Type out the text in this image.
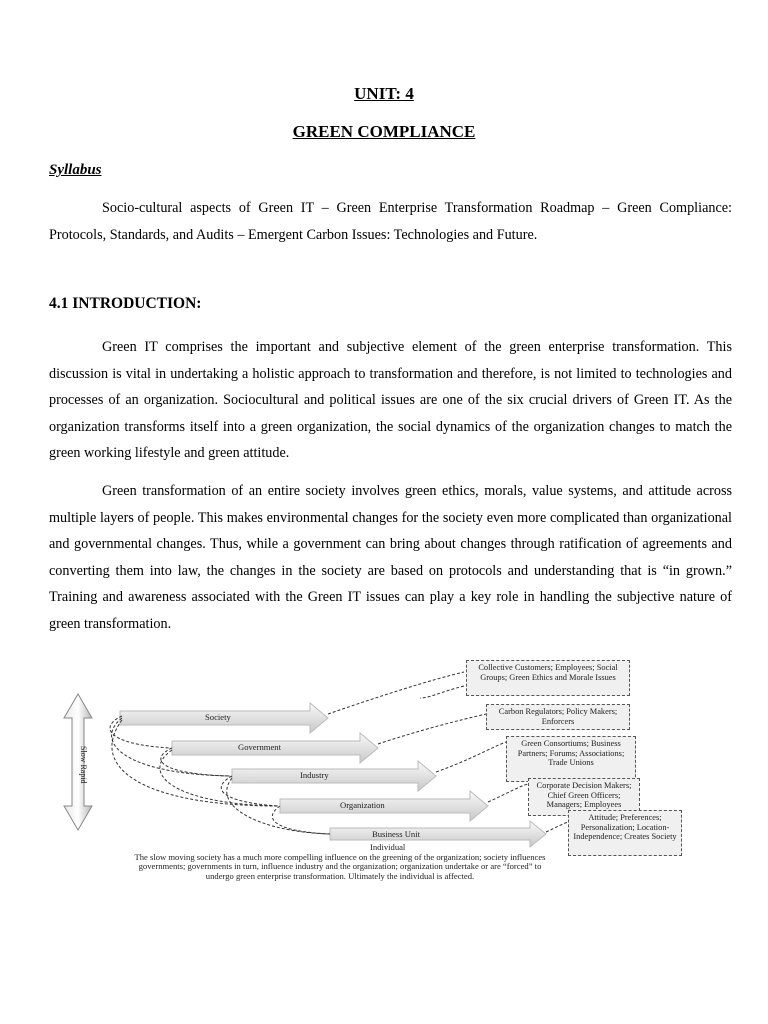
UNIT: 4
GREEN COMPLIANCE
Syllabus

Socio-cultural aspects of Green IT – Green Enterprise Transformation Roadmap – Green Compliance: Protocols, Standards, and Audits – Emergent Carbon Issues: Technologies and Future.

4.1 INTRODUCTION:

Green IT comprises the important and subjective element of the green enterprise transformation. This discussion is vital in undertaking a holistic approach to transformation and therefore, is not limited to technologies and processes of an organization. Sociocultural and political issues are one of the six crucial drivers of Green IT. As the organization transforms itself into a green organization, the social dynamics of the organization changes to match the green working lifestyle and green attitude.

Green transformation of an entire society involves green ethics, morals, value systems, and attitude across multiple layers of people. This makes environmental changes for the society even more complicated than organizational and governmental changes. Thus, while a government can bring about changes through ratification of agreements and converting them into law, the changes in the society are based on protocols and understanding that is “in grown.” Training and awareness associated with the Green IT issues can play a key role in handling the subjective nature of green transformation.

Slow Rapid
Society
Government
Industry
Organization
Business Unit
Individual
Collective Customers; Employees; Social Groups; Green Ethics and Morale Issues
Carbon Regulators; Policy Makers; Enforcers
Green Consortiums; Business Partners; Forums; Associations; Trade Unions
Corporate Decision Makers; Chief Green Officers; Managers; Employees
Attitude; Preferences; Personalization; Location-Independence; Creates Society
The slow moving society has a much more compelling influence on the greening of the organization; society influences governments; governments in turn, influence industry and the organization; organization undertake or are “forced” to undergo green enterprise transformation. Ultimately the individual is affected.
